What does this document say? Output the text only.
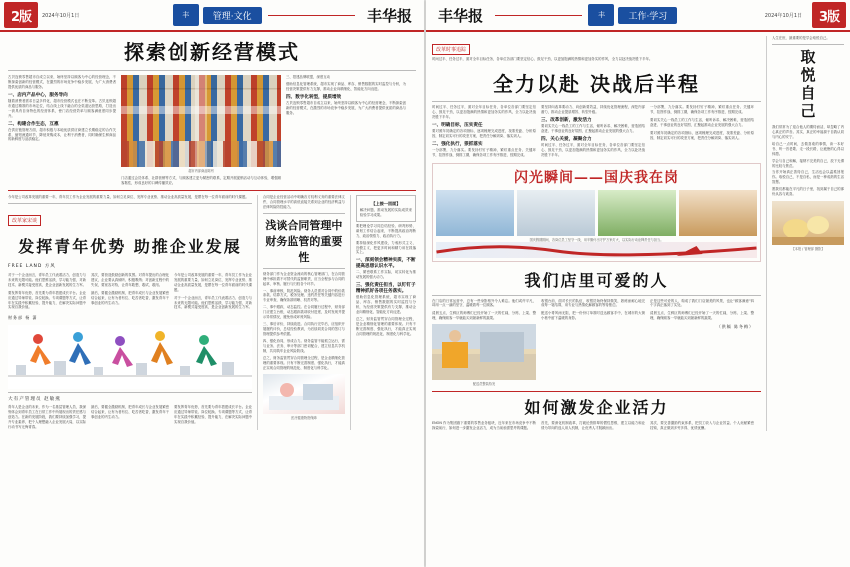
2版	2024年10月1日	丰	管理·文化	丰华报
探索创新经营模式
古贝连锁零售超市自成立以来，始终坚持以顾客为中心的经营理念，不断探索创新的经营模式，在激烈的市场竞争中稳步发展，为广大消费者提供优质的商品与服务。
一、店内产品中心，服务导向
随着消费者需求日益多样化，超市经营模式也在不断变革。古贝连锁超市通过精准的市场定位，结合线上线下融合的全渠道运营思路，打造出一套具有自身特色的经营体系，使门店经营效率与顾客满意度同步提升。
二、构建合作生态，互惠
在供应链管理方面，超市积极与本地优质供应商建立长期稳定的合作关系，缩短流通环节，降低采购成本，让利于消费者，同时确保生鲜商品的新鲜度与品质稳定。
超市内部商品陈列
门店通过会员体系、社群营销等方式，与顾客建立更为紧密的联系，定期开展促销活动与互动体验，增强顾客黏性，形成良好的口碑传播效应。
三、搭建品牌联盟，深度互动
借助信息化管理系统，超市实现了商品、库存、销售数据的实时监控与分析，为经营决策提供有力支撑，推动企业向精细化、智能化方向迈进。
四、数字化转型，提质增效
古贝连锁零售超市自成立以来，始终坚持以顾客为中心的经营理念，不断探索创新的经营模式，在激烈的市场竞争中稳步发展，为广大消费者提供优质的商品与服务。
今年是公司改革发展的重要一年，青年员工作为企业发展的重要力量，如何立足岗位、发挥专业优势、推动企业高质量发展，是摆在每一位青年面前的时代课题。
改革家宋谈
发挥青年优势 助推企业发展
FREE LAND 方风
对于一个企业而言，青年员工代表着活力、创造力与未来的无限可能。他们思维活跃、学习能力强，对新技术、新模式接受度高，是企业创新发展的生力军。
要发挥青年优势，首先要为青年搭建成长平台。企业应通过导师带徒、岗位轮换、专项课题等方式，让青年在实践中积累经验、提升能力，在解决实际问题中实现自我价值。
财务部 杨 潇
其次，要营造鼓励创新的氛围。对青年提出的合理化建议，企业要认真倾听、积极吸纳；对创新过程中的失误，要宽容对待，让青年敢想、敢试、敢闯。
最后，要健全激励机制，把青年成长与企业发展紧密结合起来，让有为者有位、吃苦者吃香，激发青年干事创业的内生动力。
今年是公司改革发展的重要一年，青年员工作为企业发展的重要力量，如何立足岗位、发挥专业优势、推动企业高质量发展，是摆在每一位青年面前的时代课题。
对于一个企业而言，青年员工代表着活力、创造力与未来的无限可能。他们思维活跃、学习能力强，对新技术、新模式接受度高，是企业创新发展的生力军。
大有产管理员 赵敏燕
青年人是企业的未来，作为一名基层管理人员，我深刻体会到青年员工在日常工作中所展现出的责任感与创造力。在新的发展阶段，我们要持续加强学习，提升专业素养，把个人理想融入企业发展大局，以实际行动书写无悔青春。
最后，要健全激励机制，把青年成长与企业发展紧密结合起来，让有为者有位、吃苦者吃香，激发青年干事创业的内生动力。
要发挥青年优势，首先要为青年搭建成长平台。企业应通过导师带徒、岗位轮换、专项课题等方式，让青年在实践中积累经验、提升能力，在解决实际问题中实现自我价值。
合同是企业经营活动中明确各方权利义务的重要法律文件，合同管理水平的高低直接关系到企业的经济利益与法律风险防控能力。
浅谈合同管理中财务监管的重要性
财务部门作为企业资金流动的核心管理部门，在合同管理中承担着不可替代的监督职责，应当全程参与合同的起草、审核、履行与归档各个环节。
一、事前审核，防范风险。财务人员需对合同中的价款条款、结算方式、税务处理、违约责任等关键内容进行专业审查，确保条款明晰、权责对等。
二、事中跟踪，动态监控。在合同履行过程中，财务部门应建立台账，动态跟踪款项收付进度，及时发现并提示异常情况，避免形成坏账风险。
三、事后评价，持续改进。合同执行完毕后，应组织开展履约评价，总结经验教训，为后续同类合同的签订与管理提供参考依据。
四、强化协同，形成合力。财务监管不能孤立运行，需与业务、法务、审计等部门密切配合，建立信息共享机制，共同筑牢企业风险防线。
总之，财务监管贯穿合同管理全过程，是企业精细化管理的重要体现。只有不断完善制度、强化执行，才能真正实现合同管理的规范化、制度化与科学化。
医疗健康物资保障
【上接一回面】
解决问题、推动发展的实际成效来检验学习成果。
要把理论学习同总结经验、研判形势、谋划工作结合起来，不断提高政治判断力、政治领悟力、政治执行力。
要持续深化作风建设，力戒形式主义、官僚主义，把更多时间和精力用在抓落实上。
一、深刻领会精神实质，不断提高思想认识水平。
二、紧密联系工作实际，切实转化为推动发展的强大动力。
三、强化责任担当，以钉钉子精神抓好各项任务落实。
借助信息化管理系统，超市实现了商品、库存、销售数据的实时监控与分析，为经营决策提供有力支撑，推动企业向精细化、智能化方向迈进。
总之，财务监管贯穿合同管理全过程，是企业精细化管理的重要体现。只有不断完善制度、强化执行，才能真正实现合同管理的规范化、制度化与科学化。
丰华报	丰	工作·学习	2024年10月1日	3版
改革时事追踪
时间过半、任务过半，面对全年目标任务，各单位各部门要坚定信心、鼓足干劲，以更加饱满的热情和更加务实的作风，全力以赴决战决胜下半年。
全力以赴 决战后半程
时间过半、任务过半，面对全年目标任务，各单位各部门要坚定信心、鼓足干劲，以更加饱满的热情和更加务实的作风，全力以赴决战决胜下半年。
一、明确目标，压实责任
要对照年初确定的各项指标，逐项梳理完成进度，找准差距、分析原因，制定切实可行的攻坚方案，把责任分解到岗、落实到人。
二、强化执行，狠抓落实
一分部署，九分落实。要发扬钉钉子精神，紧盯重点任务、关键环节，挂图作战、倒排工期，确保各项工作有序推进、按期完成。
要坚持向改革要动力、向创新要效益，持续优化管理流程，深挖内部潜力，推动企业提质增效、转型升级。
三、改革创新，激发活力
要切实关心一线员工的工作与生活，倾听诉求、解决困难，营造团结奋进、干事创业的良好氛围，汇聚起推动企业发展的强大合力。
四、关心关爱，凝聚合力
时间过半、任务过半，面对全年目标任务，各单位各部门要坚定信心、鼓足干劲，以更加饱满的热情和更加务实的作风，全力以赴决战决胜下半年。
一分部署，九分落实。要发扬钉钉子精神，紧盯重点任务、关键环节，挂图作战、倒排工期，确保各项工作有序推进、按期完成。
要切实关心一线员工的工作与生活，倾听诉求、解决困难，营造团结奋进、干事创业的良好氛围，汇聚起推动企业发展的强大合力。
要对照年初确定的各项指标，逐项梳理完成进度，找准差距、分析原因，制定切实可行的攻坚方案，把责任分解到岗、落实到人。
闪光瞬间——国庆我在岗
国庆假期期间，各岗位员工坚守一线，用辛勤付出守护万家灯火，以实际行动诠释责任与担当。
我们店里可爱的人
在门店的日常运营中，总有一些身影格外令人难忘。他们或许平凡，却用一点一滴的坚守，温暖着每一位顾客。
清晨五点，生鲜区的师傅们已经开始了一天的忙碌，分拣、上架、整理，确保顾客一早就能买到最新鲜的蔬果。
配送员整装待发
收银台前，面对长长的队伍，收银员始终保持微笑，熟练而耐心地完成每一笔结算，用专业与热情化解顾客的等待焦虑。
配送小哥风雨无阻，把一份份订单准时送达顾客手中，在城市的大街小巷中留下温暖的身影。
正是这些可爱的人，构成了我们门店最美的风景，也让"顾客满意"四个字真正落到了实处。
清晨五点，生鲜区的师傅们已经开始了一天的忙碌，分拣、上架、整理，确保顾客一早就能买到最新鲜的蔬果。
（供稿 陈冬梅）
如何激发企业活力
ENON 作为集团旗下重要的零售业务板块，近年来在市场竞争中不断探索前行，如何进一步激发企业活力，成为当前亟需思考的课题。
首先，要深化机制改革，打破论资排辈的惯性思维，建立以能力和业绩为导向的选人用人机制，让优秀人才脱颖而出。
其次，要完善激励约束体系，把员工收入与企业效益、个人贡献紧密挂钩，真正做到多劳多得、优绩优酬。
人生在世，最重要的是学会取悦自己。
取悦自己
我们常常为了迎合他人的期待而活，却忽略了内心真正的声音。其实，真正的幸福源于自我认同与内心的安宁。
给自己一点时间，去做喜欢的事情，读一本好书、听一首老歌、走一段长路，让疲惫的心得以休憩。
学会与自己和解，接纳不完美的自己，放下无谓的比较与焦虑。
当你开始真正善待自己，生活也会以温柔回报你。取悦自己，不是自私，而是一种成熟的生活智慧。
愿我们都能在平凡的日子里，找到属于自己的那份从容与欢喜。
【本报 / 管理部 摄影】
